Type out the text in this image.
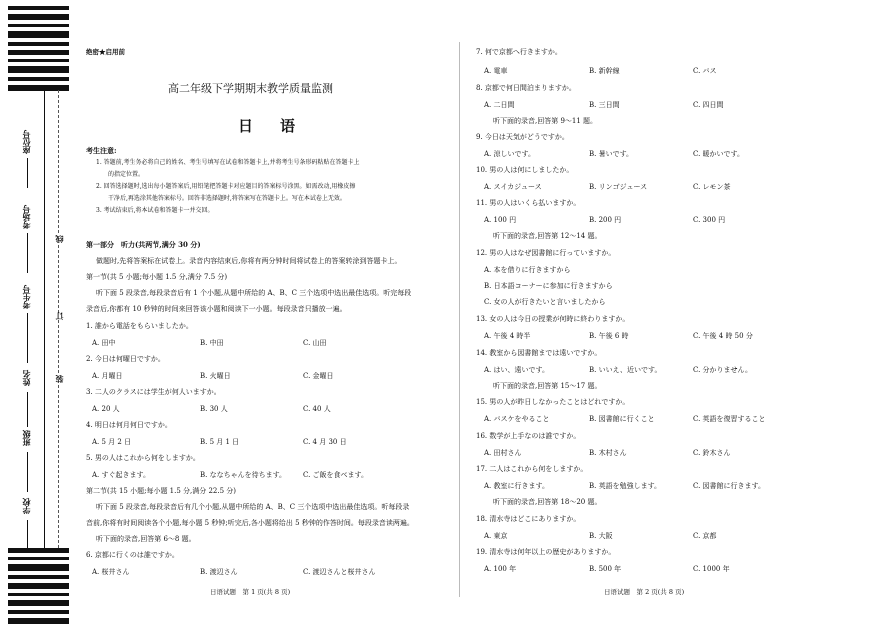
座位号
考场号
考生号
姓名
班级
学校
线
订
装
绝密★启用前
高二年级下学期期末教学质量监测
日　语
考生注意:
1. 答题前,考生务必将自己的姓名、考生号填写在试卷和答题卡上,并将考生号条形码粘贴在答题卡上
　　的指定位置。
2. 回答选择题时,选出每小题答案后,用铅笔把答题卡对应题目的答案标号涂黑。如需改动,用橡皮擦
　　干净后,再选涂其他答案标号。回答非选择题时,将答案写在答题卡上。写在本试卷上无效。
3. 考试结束后,将本试卷和答题卡一并交回。
第一部分　听力(共两节,满分 30 分)
做题时,先将答案标在试卷上。录音内容结束后,你将有两分钟时间将试卷上的答案转涂到答题卡上。
第一节(共 5 小题;每小题 1.5 分,满分 7.5 分)
听下面 5 段录音,每段录音后有 1 个小题,从题中所给的 A、B、C 三个选项中选出最佳选项。听完每段
录音后,你都有 10 秒钟的时间来回答该小题和阅读下一小题。每段录音只播放一遍。
1. 誰から電話をもらいましたか。
A. 田中	B. 中田	C. 山田
2. 今日は何曜日ですか。
A. 月曜日	B. 火曜日	C. 金曜日
3. 二人のクラスには学生が何人いますか。
A. 20 人	B. 30 人	C. 40 人
4. 明日は何月何日ですか。
A. 5 月 2 日	B. 5 月 1 日	C. 4 月 30 日
5. 男の人はこれから何をしますか。
A. すぐ起きます。	B. ななちゃんを待ちます。 C. ご飯を食べます。
第二节(共 15 小题;每小题 1.5 分,满分 22.5 分)
听下面 5 段录音,每段录音后有几个小题,从题中所给的 A、B、C 三个选项中选出最佳选项。听每段录
音前,你将有时间阅读各个小题,每小题 5 秒钟;听完后,各小题将给出 5 秒钟的作答时间。每段录音读两遍。
听下面的录音,回答第 6～8 题。
6. 京都に行くのは誰ですか。
A. 桜井さん	B. 渡辺さん	C. 渡辺さんと桜井さん
日语试题　第 1 页(共 8 页)
7. 何で京都へ行きますか。
A. 電車	B. 新幹線	C. バス
8. 京都で何日間泊まりますか。
A. 二日間	B. 三日間	C. 四日間
听下面的录音,回答第 9～11 题。
9. 今日は天気がどうですか。
A. 涼しいです。	B. 暑いです。	C. 暖かいです。
10. 男の人は何にしましたか。
A. スイカジュース	B. リンゴジュース	C. レモン茶
11. 男の人はいくら払いますか。
A. 100 円	B. 200 円	C. 300 円
听下面的录音,回答第 12～14 题。
12. 男の人はなぜ図書館に行っていますか。
A. 本を借りに行きますから
B. 日本語コーナーに参加に行きますから
C. 女の人が行きたいと言いましたから
13. 女の人は今日の授業が何時に終わりますか。
A. 午後 4 時半	B. 午後 6 時	C. 午後 4 時 50 分
14. 教室から図書館までは遠いですか。
A. はい、遠いです。	B. いいえ、近いです。	C. 分かりません。
听下面的录音,回答第 15～17 题。
15. 男の人が昨日しなかったことはどれですか。
A. バスケをやること	B. 図書館に行くこと	C. 英語を復習すること
16. 数学が上手なのは誰ですか。
A. 田村さん	B. 木村さん	C. 鈴木さん
17. 二人はこれから何をしますか。
A. 教室に行きます。	B. 英語を勉強します。	C. 図書館に行きます。
听下面的录音,回答第 18～20 题。
18. 清水寺はどこにありますか。
A. 東京	B. 大阪	C. 京都
19. 清水寺は何年以上の歴史がありますか。
A. 100 年	B. 500 年	C. 1000 年
日语试题　第 2 页(共 8 页)
